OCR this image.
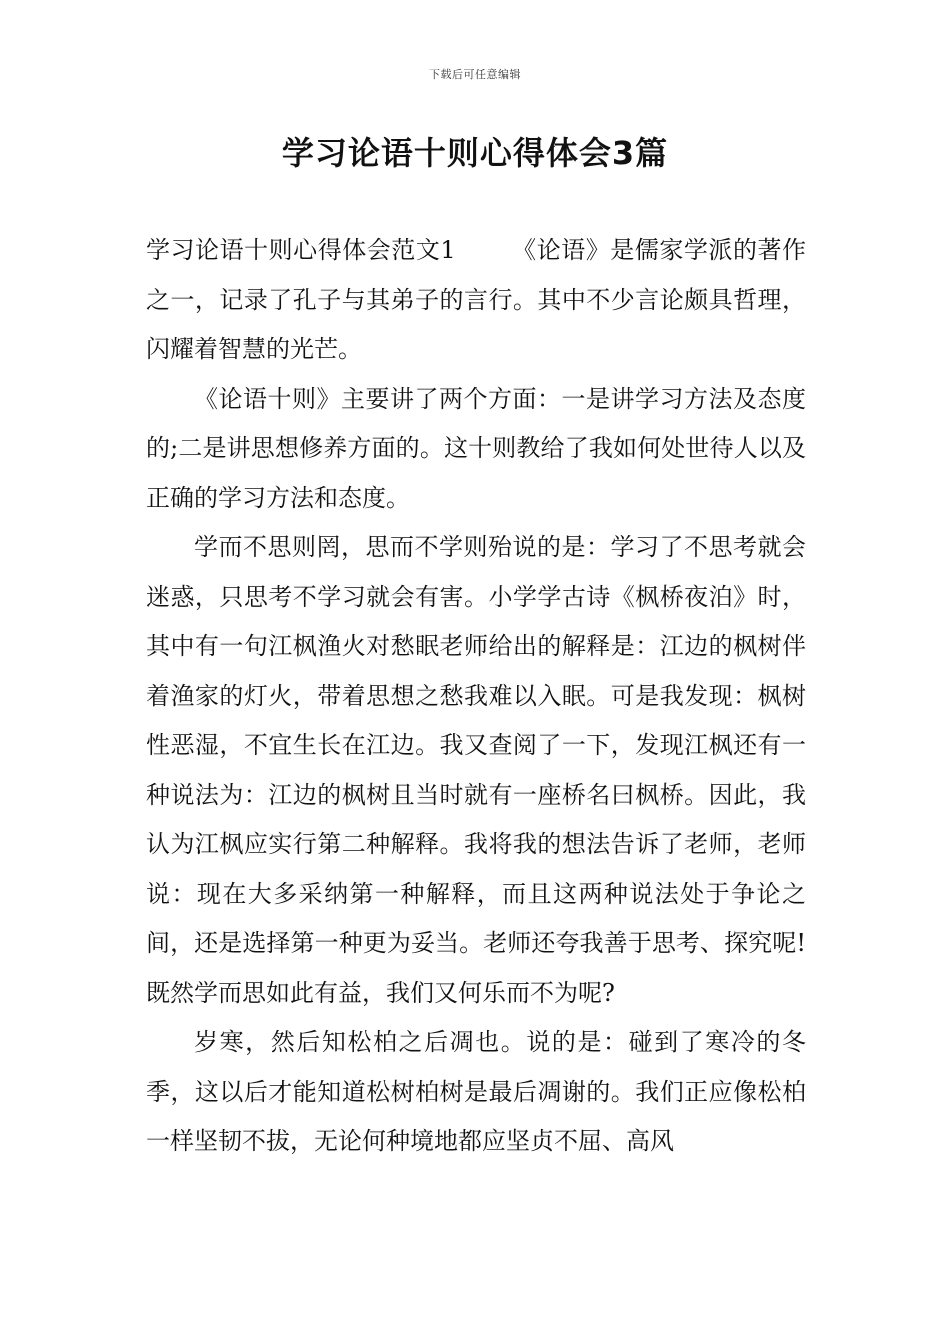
下载后可任意编辑
学习论语十则心得体会3篇

学习论语十则心得体会范文1 《论语》是儒家学派的著作之一，记录了孔子与其弟子的言行。其中不少言论颇具哲理，闪耀着智慧的光芒。

《论语十则》主要讲了两个方面：一是讲学习方法及态度的;二是讲思想修养方面的。这十则教给了我如何处世待人以及正确的学习方法和态度。

学而不思则罔，思而不学则殆说的是：学习了不思考就会迷惑，只思考不学习就会有害。小学学古诗《枫桥夜泊》时，其中有一句江枫渔火对愁眠老师给出的解释是：江边的枫树伴着渔家的灯火，带着思想之愁我难以入眠。可是我发现：枫树性恶湿，不宜生长在江边。我又查阅了一下，发现江枫还有一种说法为：江边的枫树且当时就有一座桥名曰枫桥。因此，我认为江枫应实行第二种解释。我将我的想法告诉了老师，老师说：现在大多采纳第一种解释，而且这两种说法处于争论之间，还是选择第一种更为妥当。老师还夸我善于思考、探究呢!既然学而思如此有益，我们又何乐而不为呢?

岁寒，然后知松柏之后凋也。说的是：碰到了寒冷的冬季，这以后才能知道松树柏树是最后凋谢的。我们正应像松柏一样坚韧不拔，无论何种境地都应坚贞不屈、高风
